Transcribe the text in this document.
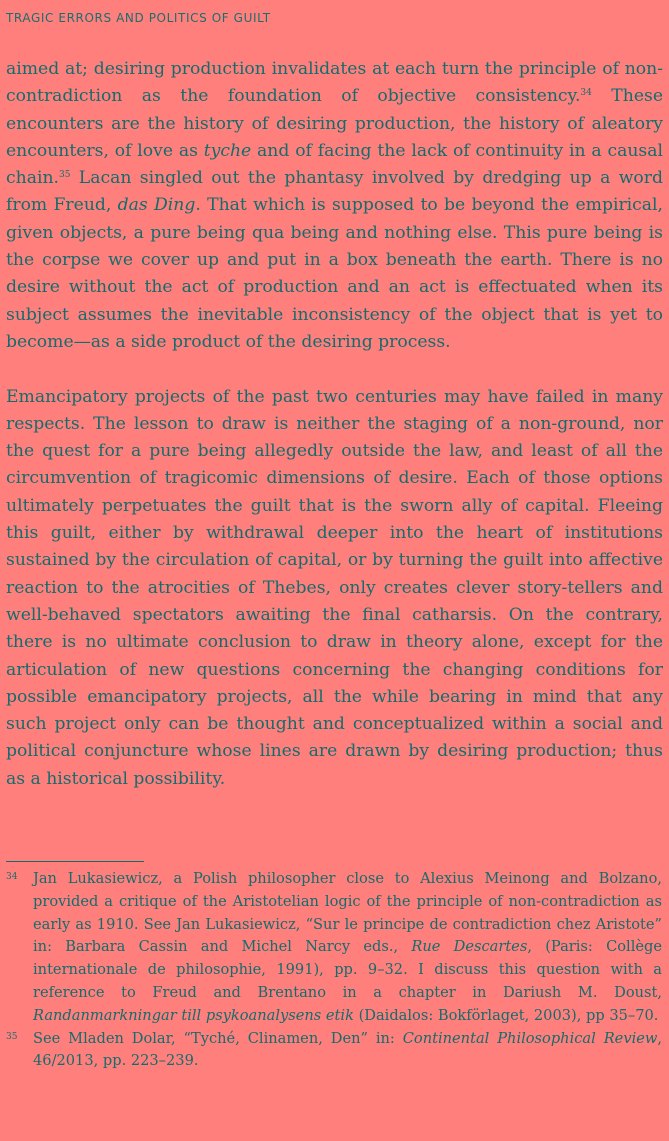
TRAGIC ERRORS AND POLITICS OF GUILT

aimed at; desiring production invalidates at each turn the principle of non-contradiction as the foundation of objective consistency.$^{34}$ These encounters are the history of desiring production, the history of aleatory encounters, of love as tyche and of facing the lack of continuity in a causal chain.$^{35}$ Lacan singled out the phantasy involved by dredging up a word from Freud, das Ding. That which is supposed to be beyond the empirical, given objects, a pure being qua being and nothing else. This pure being is the corpse we cover up and put in a box beneath the earth. There is no desire without the act of production and an act is effectuated when its subject assumes the inevitable inconsistency of the object that is yet to become—as a side product of the desiring process.

Emancipatory projects of the past two centuries may have failed in many respects. The lesson to draw is neither the staging of a non-ground, nor the quest for a pure being allegedly outside the law, and least of all the circumvention of tragicomic dimensions of desire. Each of those options ultimately perpetuates the guilt that is the sworn ally of capital. Fleeing this guilt, either by withdrawal deeper into the heart of institutions sustained by the circulation of capital, or by turning the guilt into affective reaction to the atrocities of Thebes, only creates clever story-tellers and well-behaved spectators awaiting the final catharsis. On the contrary, there is no ultimate conclusion to draw in theory alone, except for the articulation of new questions concerning the changing conditions for possible emancipatory projects, all the while bearing in mind that any such project only can be thought and conceptualized within a social and political conjuncture whose lines are drawn by desiring production; thus as a historical possibility.

34 Jan Lukasiewicz, a Polish philosopher close to Alexius Meinong and Bolzano, provided a critique of the Aristotelian logic of the principle of non-contradiction as early as 1910. See Jan Lukasiewicz, “Sur le principe de contradiction chez Aristote” in: Barbara Cassin and Michel Narcy eds., Rue Descartes, (Paris: Collège internationale de philosophie, 1991), pp. 9–32. I discuss this question with a reference to Freud and Brentano in a chapter in Dariush M. Doust, Randanmarkningar till psykoanalysens etik (Daidalos: Bokförlaget, 2003), pp 35–70.
35 See Mladen Dolar, “Tyché, Clinamen, Den” in: Continental Philosophical Review, 46/2013, pp. 223–239.
